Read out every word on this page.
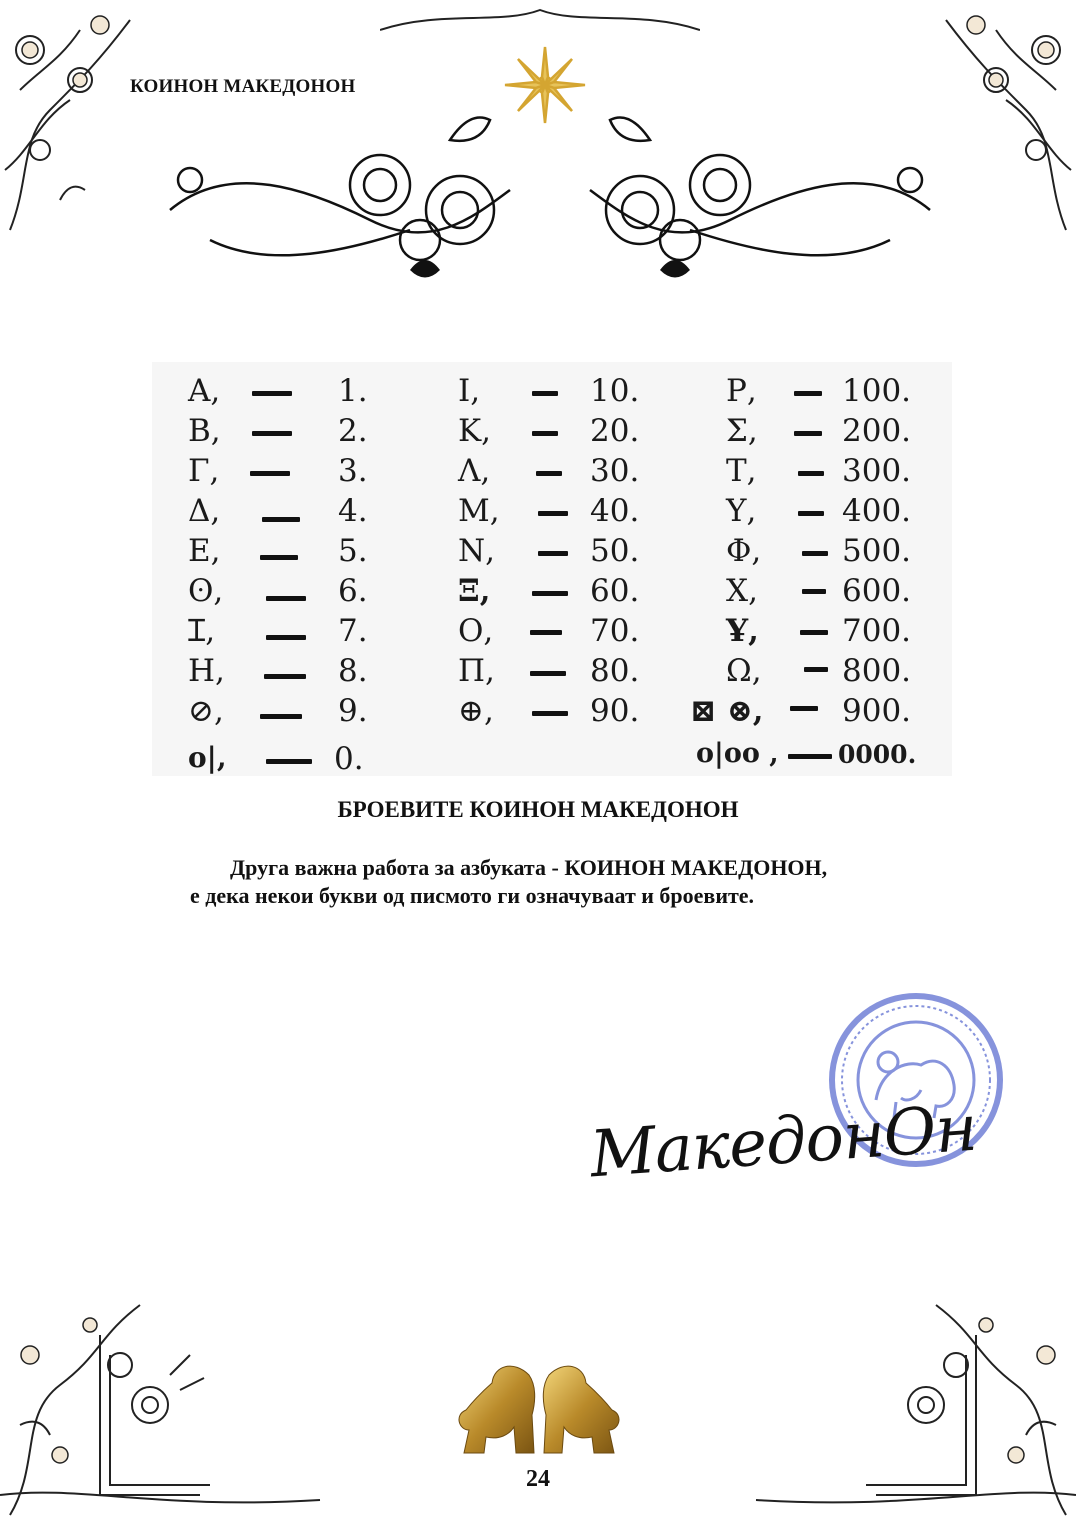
КОИНОН МАКЕДОНОН
Α,	1.
Β,	2.
Γ,	3.
Δ,	4.
Ε,	5.
ʘ,	6.
Ɪ,	7.
Η,	8.
⊘,	9.
о|,	0.
Ι,	10.
Κ,	20.
Λ,	30.
Μ,	40.
Ν,	50.
Ξ,	60.
Ο,	70.
Π,	80.
⊕,	90.
Ρ,	100.
Σ,	200.
Τ,	300.
Υ,	400.
Φ,	500.
Χ,	600.
Ұ,	700.
Ω,	800.
⊠ ⊗,	900.
о|оо , 0000.
БРОЕВИТЕ КОИНОН МАКЕДОНОН
Друга важна работа за азбуката - КОИНОН МАКЕДОНОН,
е дека некои букви од писмото ги означуваат и броевите.
МакедонОн
24
